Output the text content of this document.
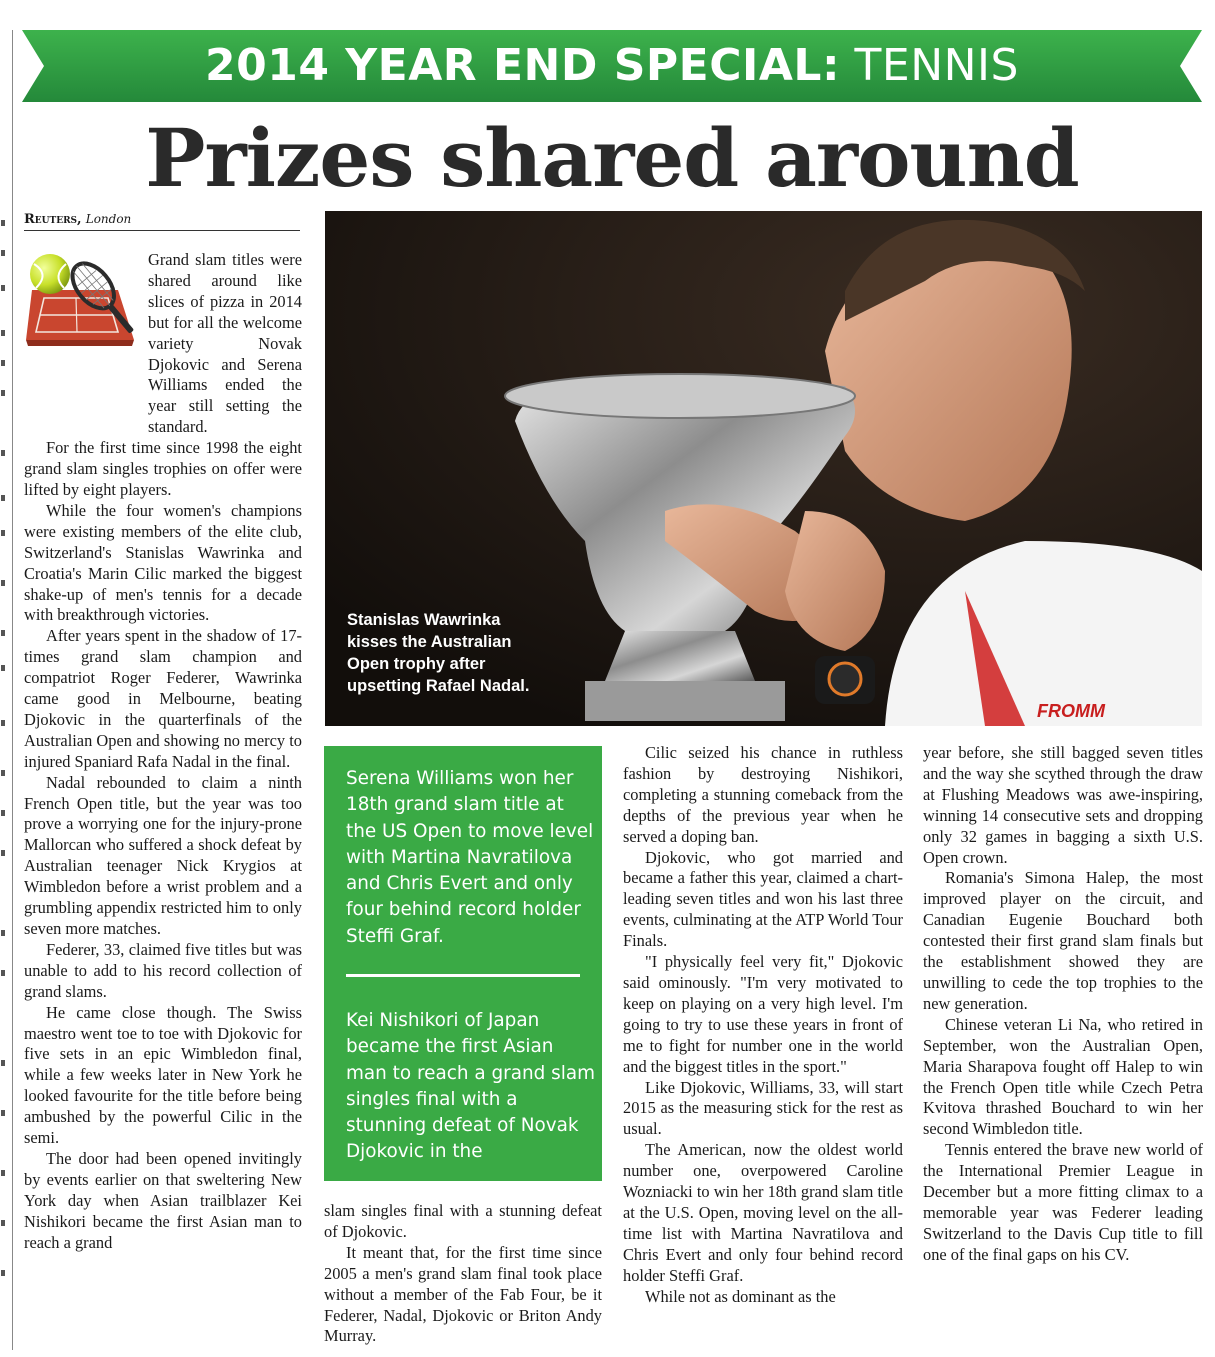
2014 YEAR END SPECIAL: TENNIS
Prizes shared around
Reuters, London

Grand slam titles were shared around like slices of pizza in 2014 but for all the welcome variety Novak Djokovic and Serena Williams ended the year still setting the standard.

For the first time since 1998 the eight grand slam singles trophies on offer were lifted by eight players.

While the four women's champions were existing members of the elite club, Switzerland's Stanislas Wawrinka and Croatia's Marin Cilic marked the biggest shake-up of men's tennis for a decade with breakthrough victories.

After years spent in the shadow of 17-times grand slam champion and compatriot Roger Federer, Wawrinka came good in Melbourne, beating Djokovic in the quarterfinals of the Australian Open and showing no mercy to injured Spaniard Rafa Nadal in the final.

Nadal rebounded to claim a ninth French Open title, but the year was too prove a worrying one for the injury-prone Mallorcan who suffered a shock defeat by Australian teenager Nick Krygios at Wimbledon before a wrist problem and a grumbling appendix restricted him to only seven more matches.

Federer, 33, claimed five titles but was unable to add to his record collection of grand slams.

He came close though. The Swiss maestro went toe to toe with Djokovic for five sets in an epic Wimbledon final, while a few weeks later in New York he looked favourite for the title before being ambushed by the powerful Cilic in the semi.

The door had been opened invitingly by events earlier on that sweltering New York day when Asian trailblazer Kei Nishikori became the first Asian man to reach a grand

FROMM
Stanislas Wawrinka kisses the Australian Open trophy after upsetting Rafael Nadal.
Serena Williams won her 18th grand slam title at the US Open to move level with Martina Navratilova and Chris Evert and only four behind record holder Steffi Graf.
Kei Nishikori of Japan became the first Asian man to reach a grand slam singles final with a stunning defeat of Novak Djokovic in the

slam singles final with a stunning defeat of Djokovic.

It meant that, for the first time since 2005 a men's grand slam final took place without a member of the Fab Four, be it Federer, Nadal, Djokovic or Briton Andy Murray.

Cilic seized his chance in ruthless fashion by destroying Nishikori, completing a stunning comeback from the depths of the previous year when he served a doping ban.

Djokovic, who got married and became a father this year, claimed a chart-leading seven titles and won his last three events, culminating at the ATP World Tour Finals.

"I physically feel very fit," Djokovic said ominously. "I'm very motivated to keep on playing on a very high level. I'm going to try to use these years in front of me to fight for number one in the world and the biggest titles in the sport."

Like Djokovic, Williams, 33, will start 2015 as the measuring stick for the rest as usual.

The American, now the oldest world number one, overpowered Caroline Wozniacki to win her 18th grand slam title at the U.S. Open, moving level on the all-time list with Martina Navratilova and Chris Evert and only four behind record holder Steffi Graf.

While not as dominant as the

year before, she still bagged seven titles and the way she scythed through the draw at Flushing Meadows was awe-inspiring, winning 14 consecutive sets and dropping only 32 games in bagging a sixth U.S. Open crown.

Romania's Simona Halep, the most improved player on the circuit, and Canadian Eugenie Bouchard both contested their first grand slam finals but the establishment showed they are unwilling to cede the top trophies to the new generation.

Chinese veteran Li Na, who retired in September, won the Australian Open, Maria Sharapova fought off Halep to win the French Open title while Czech Petra Kvitova thrashed Bouchard to win her second Wimbledon title.

Tennis entered the brave new world of the International Premier League in December but a more fitting climax to a memorable year was Federer leading Switzerland to the Davis Cup title to fill one of the final gaps on his CV.
